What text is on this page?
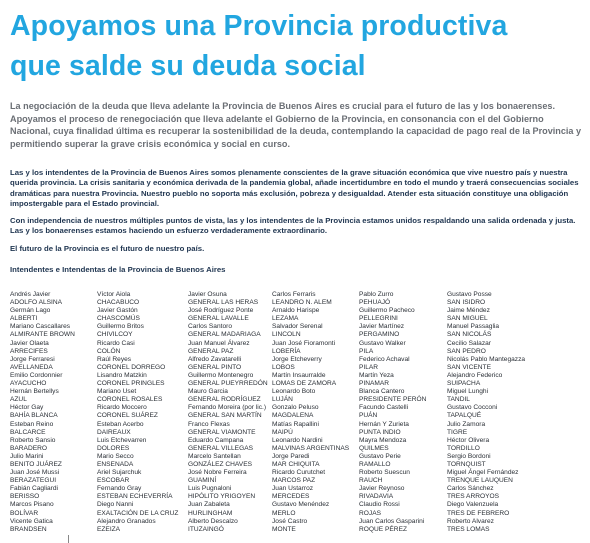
Apoyamos una Provincia productiva
que salde su deuda social
La negociación de la deuda que lleva adelante la Provincia de Buenos Aires es crucial para el futuro de las y los bonaerenses. Apoyamos el proceso de renegociación que lleva adelante el Gobierno de la Provincia, en consonancia con el del Gobierno Nacional, cuya finalidad última es recuperar la sostenibilidad de la deuda, contemplando la capacidad de pago real de la Provincia y permitiendo superar la grave crisis económica y social en curso.
Las y los intendentes de la Provincia de Buenos Aires somos plenamente conscientes de la grave situación económica que vive nuestro país y nuestra querida provincia. La crisis sanitaria y económica derivada de la pandemia global, añade incertidumbre en todo el mundo y traerá consecuencias sociales dramáticas para nuestra Provincia. Nuestro pueblo no soporta más exclusión, pobreza y desigualdad. Atender esta situación constituye una obligación impostergable para el Estado provincial.
Con independencia de nuestros múltiples puntos de vista, las y los intendentes de la Provincia estamos unidos respaldando una salida ordenada y justa. Las y los bonaerenses estamos haciendo un esfuerzo verdaderamente extraordinario.
El futuro de la Provincia es el futuro de nuestro país.
Intendentes e Intendentas de la Provincia de Buenos Aires
Andrés Javier
ADOLFO ALSINA
Germán Lago
ALBERTI
Mariano Cascallares
ALMIRANTE BROWN
Javier Olaeta
ARRECIFES
Jorge Ferraresi
AVELLANEDA
Emilio Cordonnier
AYACUCHO
Hernán Bertellys
AZUL
Héctor Gay
BAHÍA BLANCA
Esteban Reino
BALCARCE
Roberto Sansio
BARADERO
Julio Marini
BENITO JUÁREZ
Juan José Mussi
BERAZATEGUI
Fabián Cagliardi
BERISSO
Marcos Pisano
BOLÍVAR
Vicente Gatica
BRANDSEN
Víctor Aiola
CHACABUCO
Javier Gastón
CHASCOMÚS
Guillermo Britos
CHIVILCOY
Ricardo Casi
COLÓN
Raúl Reyes
CORONEL DORREGO
Lisandro Matzkin
CORONEL PRINGLES
Mariano Uset
CORONEL ROSALES
Ricardo Moccero
CORONEL SUÁREZ
Esteban Acerbo
DAIREAUX
Luis Etchevarren
DOLORES
Mario Secco
ENSENADA
Ariel Sujarchuk
ESCOBAR
Fernando Gray
ESTEBAN ECHEVERRÍA
Diego Nanni
EXALTACIÓN DE LA CRUZ
Alejandro Granados
EZEIZA
Javier Osuna
GENERAL LAS HERAS
José Rodríguez Ponte
GENERAL LAVALLE
Carlos Santoro
GENERAL MADARIAGA
Juan Manuel Álvarez
GENERAL PAZ
Alfredo Zavatarelli
GENERAL PINTO
Guillermo Montenegro
GENERAL PUEYRREDÓN
Mauro Garcia
GENERAL RODRÍGUEZ
Fernando Moreira (por lic.)
GENERAL SAN MARTÍN
Franco Flexas
GENERAL VIAMONTE
Eduardo Campana
GENERAL VILLEGAS
Marcelo Santellan
GONZÁLEZ CHAVES
José Nobre Ferreira
GUAMINÍ
Luis Pugnaloni
HIPÓLITO YRIGOYEN
Juan Zabaleta
HURLINGHAM
Alberto Descalzo
ITUZAINGÓ
Carlos Ferraris
LEANDRO N. ALEM
Arnaldo Harispe
LEZAMA
Salvador Serenal
LINCOLN
Juan José Fioramonti
LOBERÍA
Jorge Etcheverry
LOBOS
Martín Insaurralde
LOMAS DE ZAMORA
Leonardo Boto
LUJÁN
Gonzalo Peluso
MAGDALENA
Matías Rapallini
MAIPÚ
Leonardo Nardini
MALVINAS ARGENTINAS
Jorge Paredi
MAR CHIQUITA
Ricardo Curutchet
MARCOS PAZ
Juan Ustarroz
MERCEDES
Gustavo Menéndez
MERLO
José Castro
MONTE
Pablo Zurro
PEHUAJÓ
Guillermo Pacheco
PELLEGRINI
Javier Martínez
PERGAMINO
Gustavo Walker
PILA
Federico Achaval
PILAR
Martín Yeza
PINAMAR
Blanca Cantero
PRESIDENTE PERÓN
Facundo Castelli
PUÁN
Hernán Y Zurieta
PUNTA INDIO
Mayra Mendoza
QUILMES
Gustavo Perie
RAMALLO
Roberto Suescun
RAUCH
Javier Reynoso
RIVADAVIA
Claudio Rossi
ROJAS
Juan Carlos Gasparini
ROQUE PÉREZ
Gustavo Posse
SAN ISIDRO
Jaime Méndez
SAN MIGUEL
Manuel Passaglia
SAN NICOLÁS
Cecilio Salazar
SAN PEDRO
Nicolás Pablo Mantegazza
SAN VICENTE
Alejandro Federico
SUIPACHA
Miguel Lunghi
TANDIL
Gustavo Cocconi
TAPALQUÉ
Julio Zamora
TIGRE
Héctor Olivera
TORDILLO
Sergio Bordoni
TORNQUIST
Miguel Ángel Fernández
TRENQUE LAUQUEN
Carlos Sánchez
TRES ARROYOS
Diego Valenzuela
TRES DE FEBRERO
Roberto Alvarez
TRES LOMAS
